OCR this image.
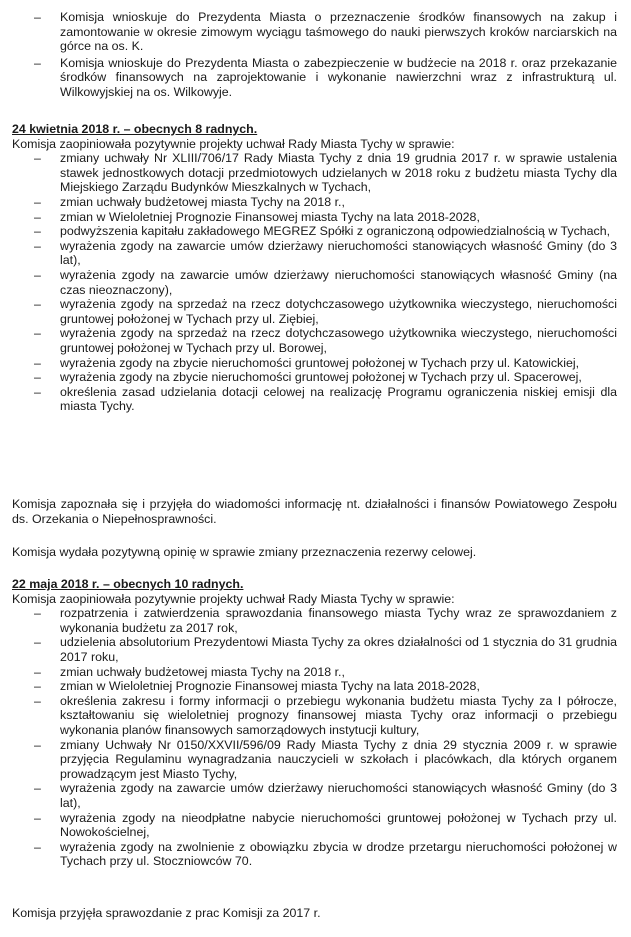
– Komisja wnioskuje do Prezydenta Miasta o przeznaczenie środków finansowych na zakup i zamontowanie w okresie zimowym wyciągu taśmowego do nauki pierwszych kroków narciarskich na górce na os. K.
– Komisja wnioskuje do Prezydenta Miasta o zabezpieczenie w budżecie na 2018 r. oraz przekazanie środków finansowych na zaprojektowanie i wykonanie nawierzchni wraz z infrastrukturą ul. Wilkowyjskiej na os. Wilkowyje.
24 kwietnia 2018 r. – obecnych 8 radnych.
Komisja zaopiniowała pozytywnie projekty uchwał Rady Miasta Tychy w sprawie:
– zmiany uchwały Nr XLIII/706/17 Rady Miasta Tychy z dnia 19 grudnia 2017 r. w sprawie ustalenia stawek jednostkowych dotacji przedmiotowych udzielanych w 2018 roku z budżetu miasta Tychy dla Miejskiego Zarządu Budynków Mieszkalnych w Tychach,
– zmian uchwały budżetowej miasta Tychy na 2018 r.,
– zmian w Wieloletniej Prognozie Finansowej miasta Tychy na lata 2018-2028,
– podwyższenia kapitału zakładowego MEGREZ Spółki z ograniczoną odpowiedzialnością w Tychach,
– wyrażenia zgody na zawarcie umów dzierżawy nieruchomości stanowiących własność Gminy (do 3 lat),
– wyrażenia zgody na zawarcie umów dzierżawy nieruchomości stanowiących własność Gminy (na czas nieoznaczony),
– wyrażenia zgody na sprzedaż na rzecz dotychczasowego użytkownika wieczystego, nieruchomości gruntowej położonej w Tychach przy ul. Ziębiej,
– wyrażenia zgody na sprzedaż na rzecz dotychczasowego użytkownika wieczystego, nieruchomości gruntowej położonej w Tychach przy ul. Borowej,
– wyrażenia zgody na zbycie nieruchomości gruntowej położonej w Tychach przy ul. Katowickiej,
– wyrażenia zgody na zbycie nieruchomości gruntowej położonej w Tychach przy ul. Spacerowej,
– określenia zasad udzielania dotacji celowej na realizację Programu ograniczenia niskiej emisji dla miasta Tychy.
Komisja zapoznała się i przyjęła do wiadomości informację nt. działalności i finansów Powiatowego Zespołu ds. Orzekania o Niepełnosprawności.
Komisja wydała pozytywną opinię w sprawie zmiany przeznaczenia rezerwy celowej.
22 maja 2018 r. – obecnych 10 radnych.
Komisja zaopiniowała pozytywnie projekty uchwał Rady Miasta Tychy w sprawie:
– rozpatrzenia i zatwierdzenia sprawozdania finansowego miasta Tychy wraz ze sprawozdaniem z wykonania budżetu za 2017 rok,
– udzielenia absolutorium Prezydentowi Miasta Tychy za okres działalności od 1 stycznia do 31 grudnia 2017 roku,
– zmian uchwały budżetowej miasta Tychy na 2018 r.,
– zmian w Wieloletniej Prognozie Finansowej miasta Tychy na lata 2018-2028,
– określenia zakresu i formy informacji o przebiegu wykonania budżetu miasta Tychy za I półrocze, kształtowaniu się wieloletniej prognozy finansowej miasta Tychy oraz informacji o przebiegu wykonania planów finansowych samorządowych instytucji kultury,
– zmiany Uchwały Nr 0150/XXVII/596/09 Rady Miasta Tychy z dnia 29 stycznia 2009 r. w sprawie przyjęcia Regulaminu wynagradzania nauczycieli w szkołach i placówkach, dla których organem prowadzącym jest Miasto Tychy,
– wyrażenia zgody na zawarcie umów dzierżawy nieruchomości stanowiących własność Gminy (do 3 lat),
– wyrażenia zgody na nieodpłatne nabycie nieruchomości gruntowej położonej w Tychach przy ul. Nowokościelnej,
– wyrażenia zgody na zwolnienie z obowiązku zbycia w drodze przetargu nieruchomości położonej w Tychach przy ul. Stoczniowców 70.
Komisja przyjęła sprawozdanie z prac Komisji za 2017 r.
